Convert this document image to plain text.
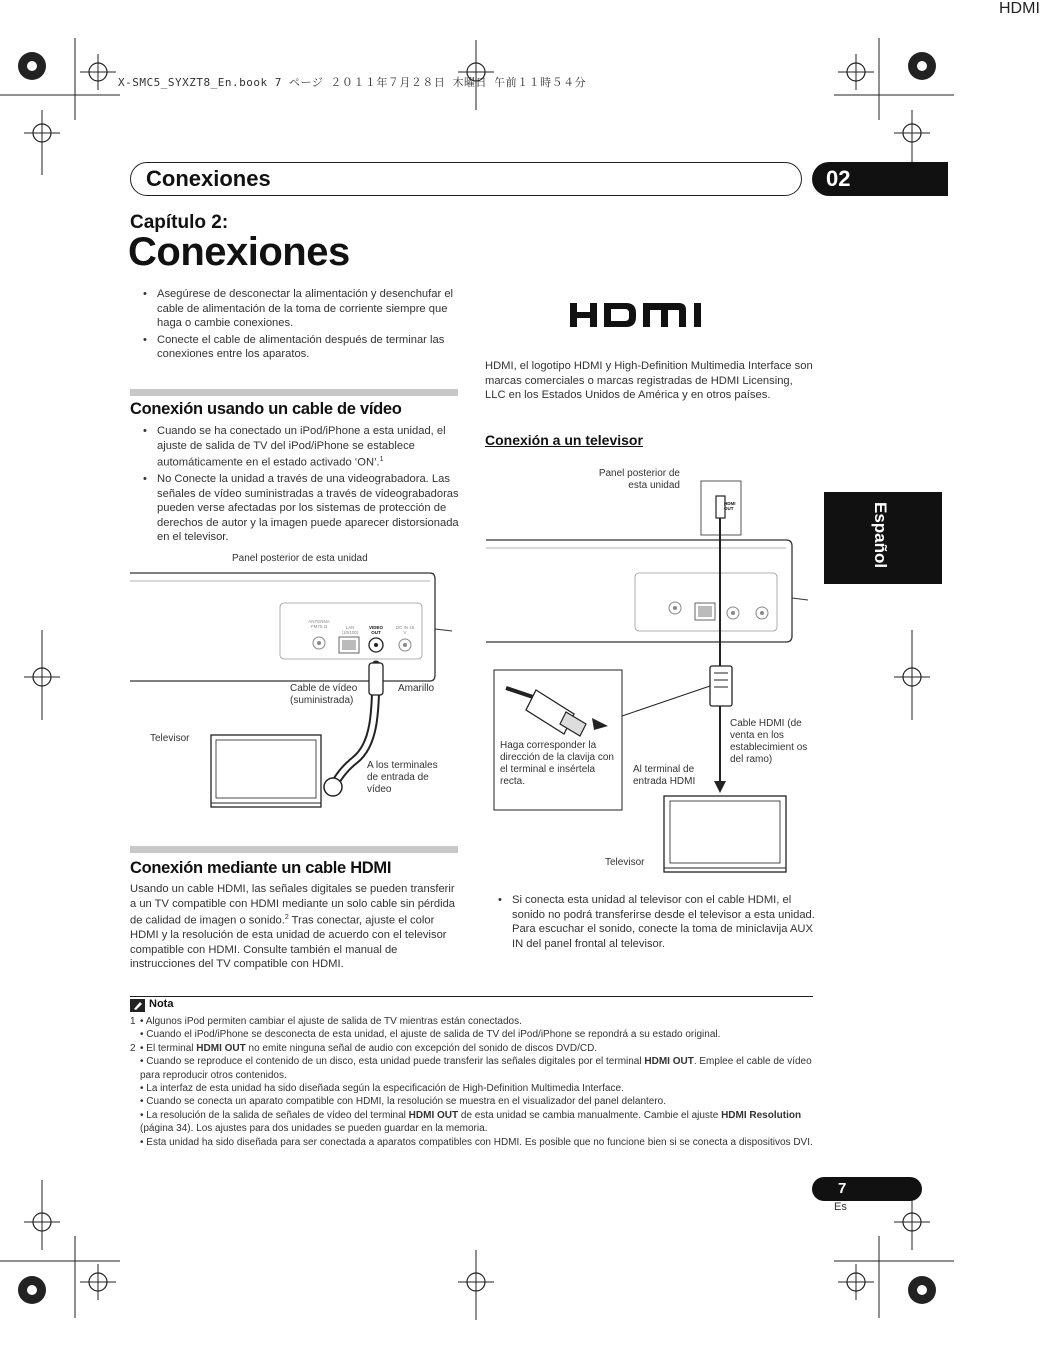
X-SMC5_SYXZT8_En.book 7 ページ ２０１１年７月２８日 木曜日 午前１１時５４分
Conexiones	02
Capítulo 2:
Conexiones
• Asegúrese de desconectar la alimentación y desenchufar el cable de alimentación de la toma de corriente siempre que haga o cambie conexiones.
• Conecte el cable de alimentación después de terminar las conexiones entre los aparatos.
Conexión usando un cable de vídeo
• Cuando se ha conectado un iPod/iPhone a esta unidad, el ajuste de salida de TV del iPod/iPhone se establece automáticamente en el estado activado ‘ON’.$^1$
• No Conecte la unidad a través de una videograbadora. Las señales de vídeo suministradas a través de videograbadoras pueden verse afectadas por los sistemas de protección de derechos de autor y la imagen puede aparecer distorsionada en el televisor.
Panel posterior de esta unidad
ANTENNA FM75 Ω	LAN (10/100)
VIDEO OUT
DC IN 16 V
Cable de vídeo (suministrada)
Amarillo
Televisor
A los terminales de entrada de vídeo
Conexión mediante un cable HDMI
Usando un cable HDMI, las señales digitales se pueden transferir a un TV compatible con HDMI mediante un solo cable sin pérdida de calidad de imagen o sonido.$^2$ Tras conectar, ajuste el color HDMI y la resolución de esta unidad de acuerdo con el televisor compatible con HDMI. Consulte también el manual de instrucciones del TV compatible con HDMI.
HDMI
HDMI, el logotipo HDMI y High-Definition Multimedia Interface son marcas comerciales o marcas registradas de HDMI Licensing, LLC en los Estados Unidos de América y en otros países.
Conexión a un televisor
Panel posterior de esta unidad
HDMI OUT
Haga corresponder la dirección de la clavija con el terminal e insértela recta.
Cable HDMI (de venta en los establecimient os del ramo)
Al terminal de entrada HDMI
Televisor
• Si conecta esta unidad al televisor con el cable HDMI, el sonido no podrá transferirse desde el televisor a esta unidad. Para escuchar el sonido, conecte la toma de miniclavija AUX IN del panel frontal al televisor.
Español
Nota
1 • Algunos iPod permiten cambiar el ajuste de salida de TV mientras están conectados.
• Cuando el iPod/iPhone se desconecta de esta unidad, el ajuste de salida de TV del iPod/iPhone se repondrá a su estado original.
2 • El terminal HDMI OUT no emite ninguna señal de audio con excepción del sonido de discos DVD/CD.
• Cuando se reproduce el contenido de un disco, esta unidad puede transferir las señales digitales por el terminal HDMI OUT. Emplee el cable de vídeo para reproducir otros contenidos.
• La interfaz de esta unidad ha sido diseñada según la especificación de High-Definition Multimedia Interface.
• Cuando se conecta un aparato compatible con HDMI, la resolución se muestra en el visualizador del panel delantero.
• La resolución de la salida de señales de vídeo del terminal HDMI OUT de esta unidad se cambia manualmente. Cambie el ajuste HDMI Resolution (página 34). Los ajustes para dos unidades se pueden guardar en la memoria.
• Esta unidad ha sido diseñada para ser conectada a aparatos compatibles con HDMI. Es posible que no funcione bien si se conecta a dispositivos DVI.
7
Es
